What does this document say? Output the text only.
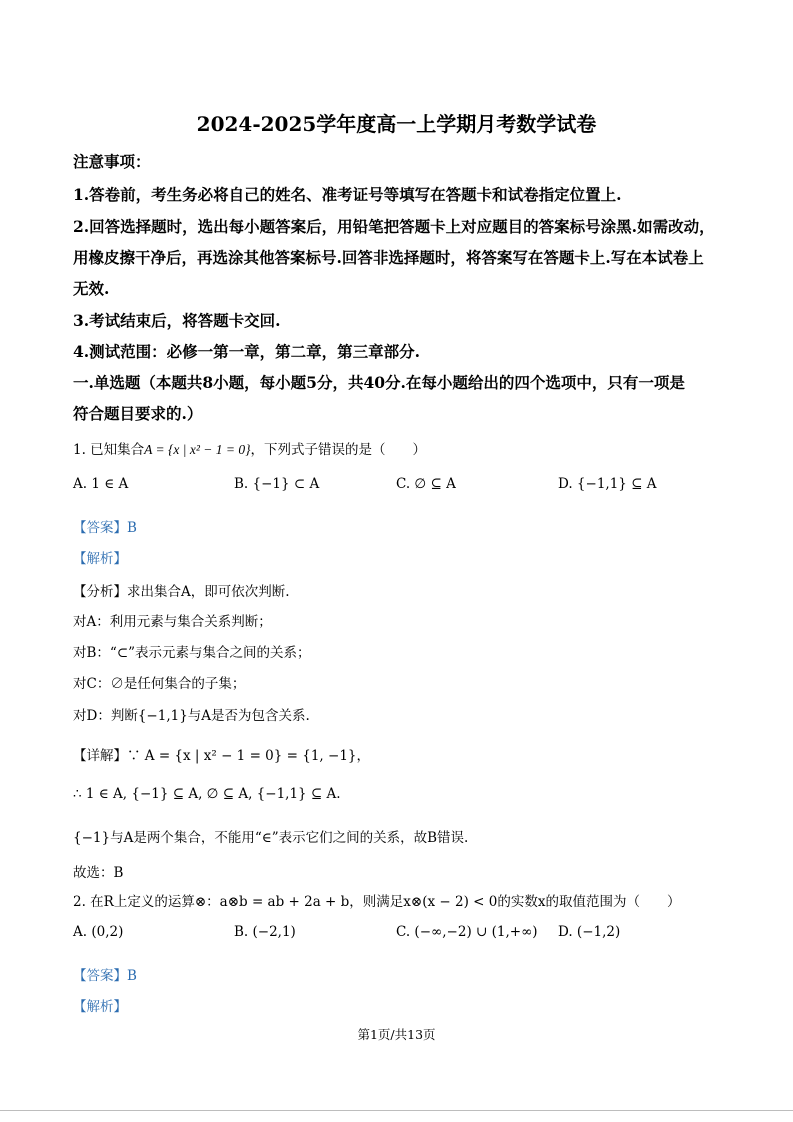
2024-2025学年度高一上学期月考数学试卷
注意事项：
1.答卷前，考生务必将自己的姓名、准考证号等填写在答题卡和试卷指定位置上.
2.回答选择题时，选出每小题答案后，用铅笔把答题卡上对应题目的答案标号涂黑.如需改动，
用橡皮擦干净后，再选涂其他答案标号.回答非选择题时，将答案写在答题卡上.写在本试卷上
无效.
3.考试结束后，将答题卡交回.
4.测试范围：必修一第一章，第二章，第三章部分.
一.单选题（本题共8小题，每小题5分，共40分.在每小题给出的四个选项中，只有一项是
符合题目要求的.）
1. 已知集合A = {x | x² − 1 = 0}，下列式子错误的是（　　）
A. 1 ∈ A	B. {−1} ⊂ A	C. ∅ ⊆ A	D. {−1,1} ⊆ A
【答案】B
【解析】
【分析】求出集合A，即可依次判断.
对A：利用元素与集合关系判断；
对B：“⊂”表示元素与集合之间的关系；
对C：∅是任何集合的子集；
对D：判断{−1,1}与A是否为包含关系.
【详解】∵ A = {x | x² − 1 = 0} = {1, −1}，
∴ 1 ∈ A, {−1} ⊆ A, ∅ ⊆ A, {−1,1} ⊆ A.
{−1}与A是两个集合，不能用“∈”表示它们之间的关系，故B错误.
故选：B
2. 在R上定义的运算⊗：a⊗b = ab + 2a + b，则满足x⊗(x − 2) < 0的实数x的取值范围为（　　）
A. (0,2)	B. (−2,1)	C. (−∞,−2) ∪ (1,+∞) D. (−1,2)
【答案】B
【解析】
第1页/共13页
